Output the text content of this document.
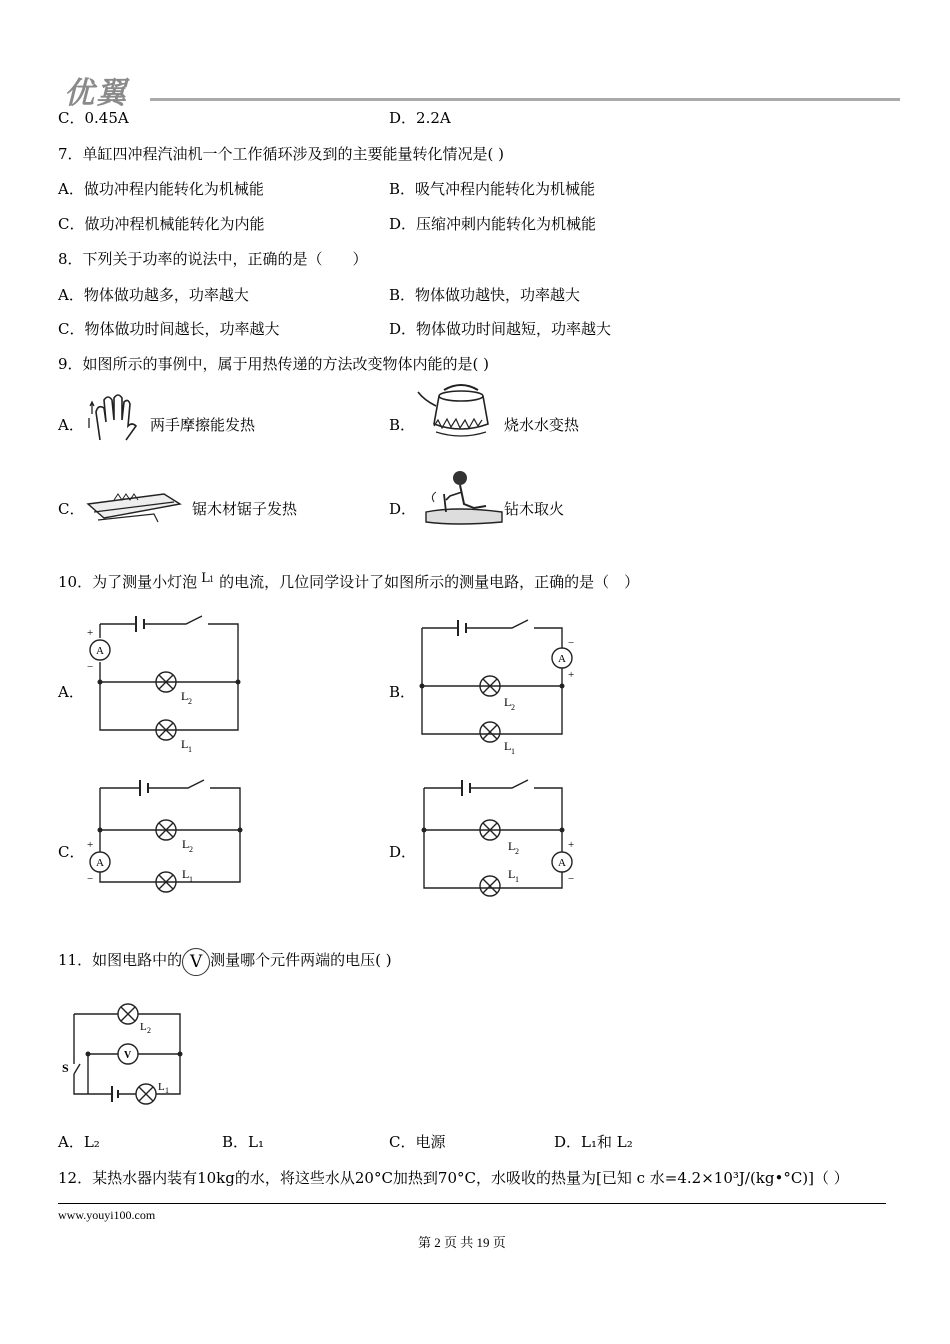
优翼
C．0.45A	D．2.2A
7．单缸四冲程汽油机一个工作循环涉及到的主要能量转化情况是( )
A．做功冲程内能转化为机械能	B．吸气冲程内能转化为机械能
C．做功冲程机械能转化为内能	D．压缩冲刺内能转化为机械能
8．下列关于功率的说法中，正确的是（　　）
A．物体做功越多，功率越大	B．物体做功越快，功率越大
C．物体做功时间越长，功率越大	D．物体做功时间越短，功率越大
9．如图所示的事例中，属于用热传递的方法改变物体内能的是( )
A．	两手摩擦能发热	B．	烧水水变热
C．	锯木材锯子发热	D．	钻木取火
10．为了测量小灯泡 L 1 的电流，几位同学设计了如图所示的测量电路，正确的是（　）
A．	B．
C．	D．
A
+
−
L 2
L 1
A
−
+
L 2
L 1
A
+
−
L 2
L 1
A
+
−
L 2
L 1
11．如图电路中的 V 测量哪个元件两端的电压( )
S
V
L 2
L 1
A．L₂	B．L₁	C．电源	D．L₁和 L₂
12．某热水器内装有10kg的水，将这些水从20°C加热到70°C，水吸收的热量为[已知 c 水=4.2×10³J/(kg•°C)]（ ）
www.youyi100.com
第 2 页 共 19 页
